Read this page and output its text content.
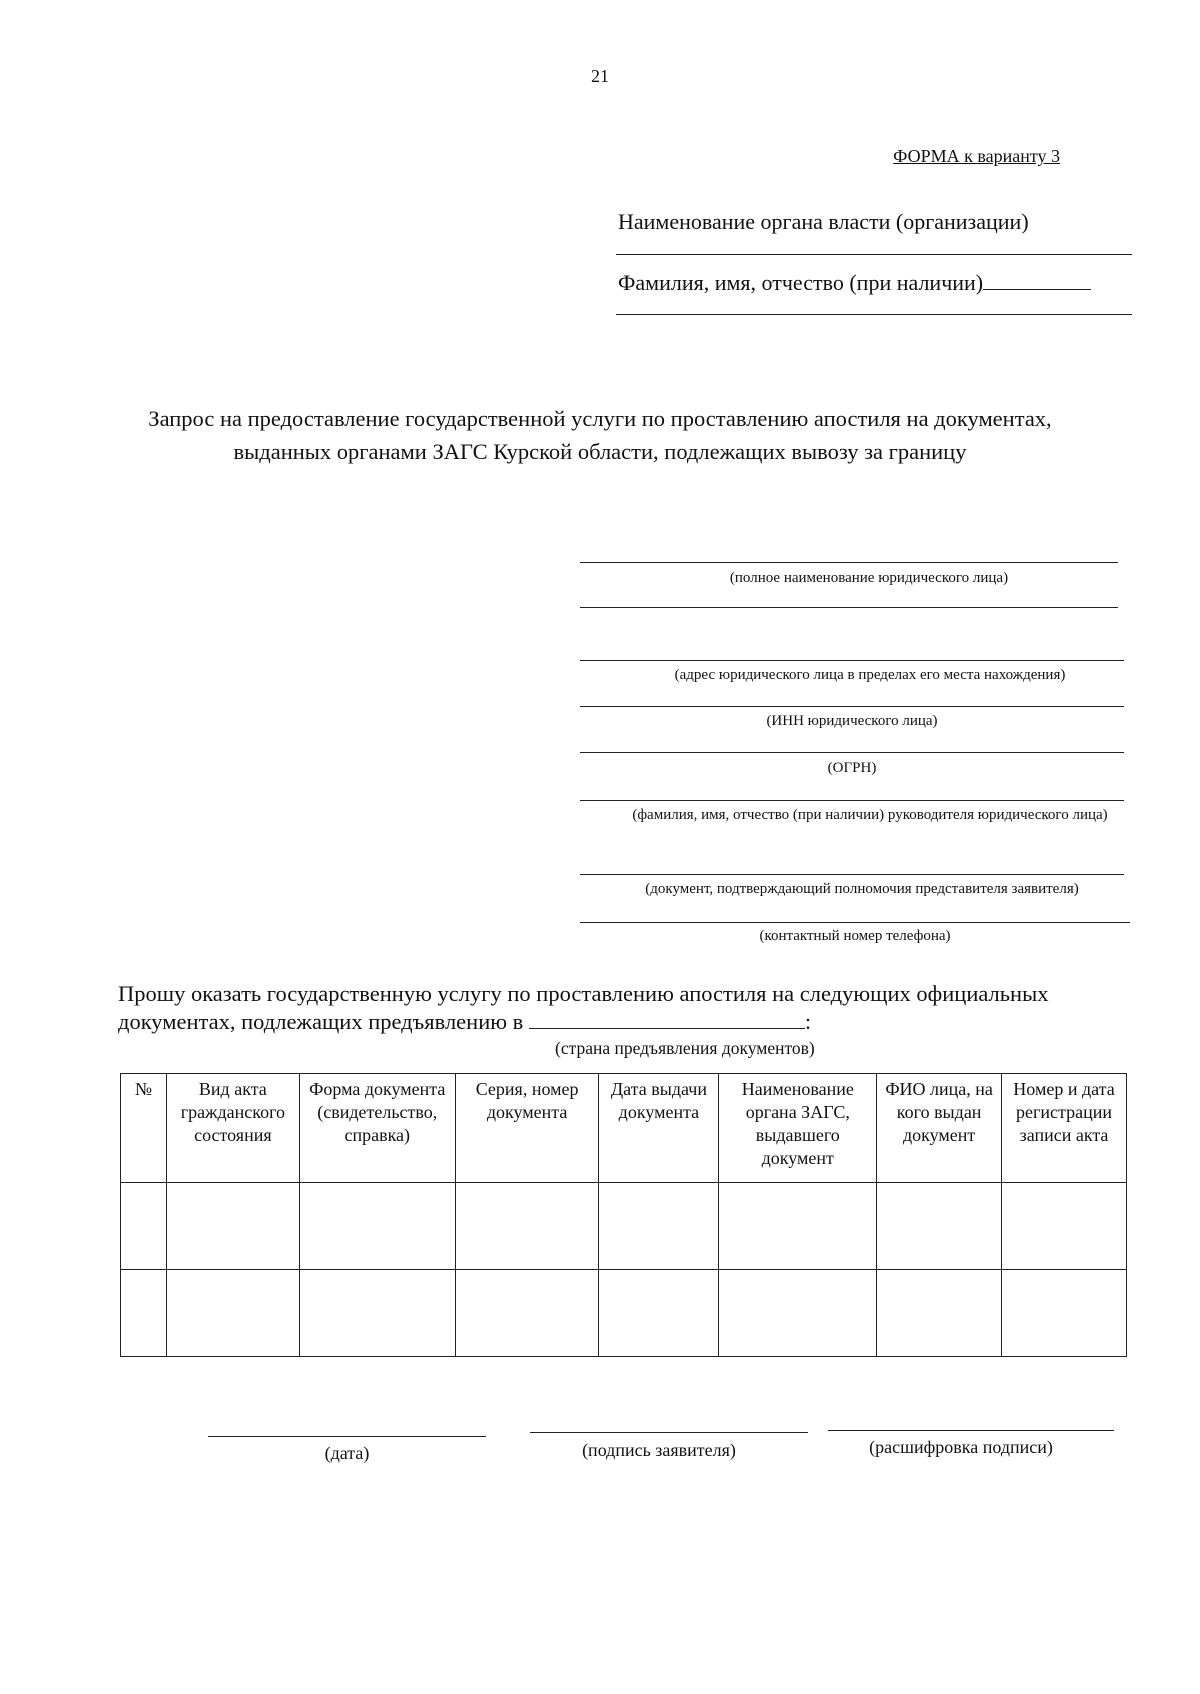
21
ФОРМА к варианту 3
Наименование органа власти (организации)
Фамилия, имя, отчество (при наличии)
Запрос на предоставление государственной услуги по проставлению апостиля на документах,
выданных органами ЗАГС Курской области, подлежащих вывозу за границу
(полное наименование юридического лица)
(адрес юридического лица в пределах его места нахождения)
(ИНН юридического лица)
(ОГРН)
(фамилия, имя, отчество (при наличии) руководителя юридического лица)
(документ, подтверждающий полномочия представителя заявителя)
(контактный номер телефона)
Прошу оказать государственную услугу по проставлению апостиля на следующих официальных
документах, подлежащих предъявлению в	:
(страна предъявления документов)
№	Вид акта гражданского состояния	Форма документа (свидетельство, справка)	Серия, номер документа	Дата выдачи документа	Наименование органа ЗАГС, выдавшего документ	ФИО лица, на кого выдан документ	Номер и дата регистрации записи акта

(дата)	(подпись заявителя)	(расшифровка подписи)
